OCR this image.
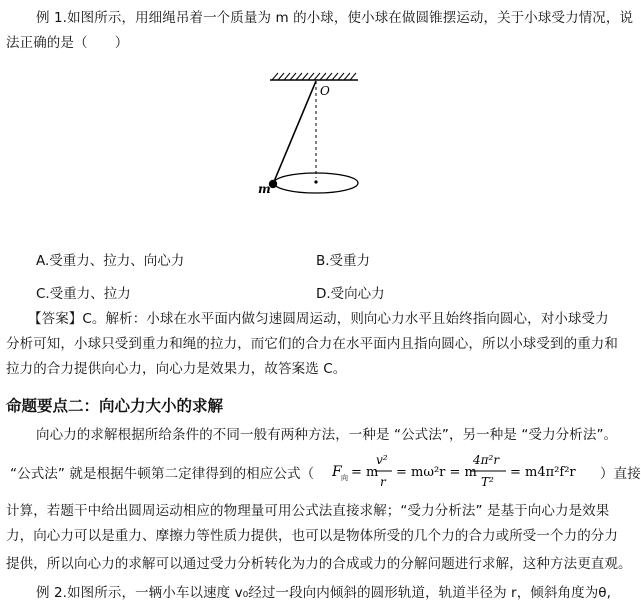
例 1.如图所示，用细绳吊着一个质量为 m 的小球，使小球在做圆锥摆运动，关于小球受力情况，说
法正确的是（　　）
O
m
A.受重力、拉力、向心力	B.受重力
C.受重力、拉力	D.受向心力
【答案】C。解析：小球在水平面内做匀速圆周运动，则向心力水平且始终指向圆心，对小球受力
分析可知，小球只受到重力和绳的拉力，而它们的合力在水平面内且指向圆心，所以小球受到的重力和
拉力的合力提供向心力，向心力是效果力，故答案选 C。
命题要点二：向心力大小的求解
向心力的求解根据所给条件的不同一般有两种方法，一种是 “公式法”，另一种是 “受力分析法”。
“公式法” 就是根据牛顿第二定律得到的相应公式（ F 向 = m
v²
r
= mω²r = m
4π²r
T²
= m4π²f²r ）直接
计算，若题干中给出圆周运动相应的物理量可用公式法直接求解；“受力分析法” 是基于向心力是效果
力，向心力可以是重力、摩擦力等性质力提供，也可以是物体所受的几个力的合力或所受一个力的分力
提供，所以向心力的求解可以通过受力分析转化为力的合成或力的分解问题进行求解，这种方法更直观。
例 2.如图所示，一辆小车以速度 v₀经过一段向内倾斜的圆形轨道，轨道半径为 r，倾斜角度为θ,
